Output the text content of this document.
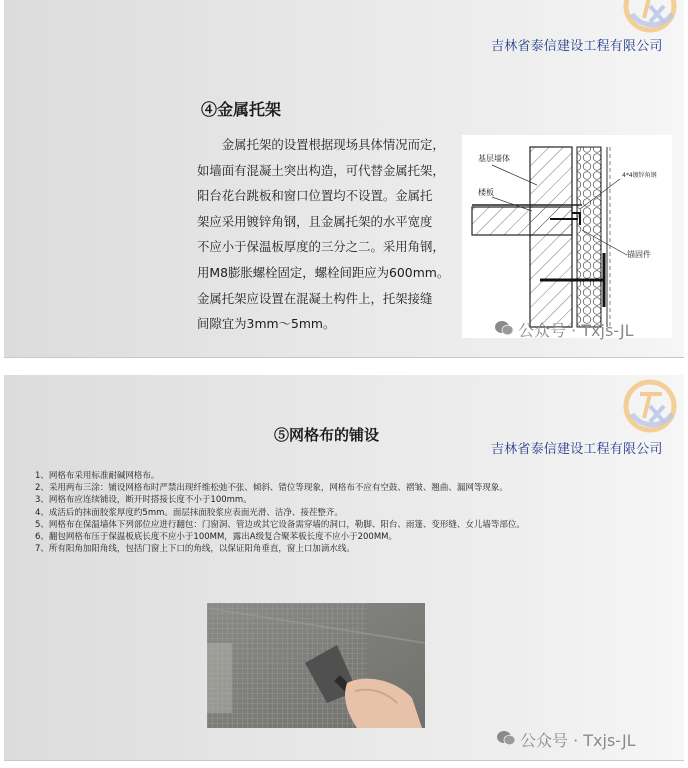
吉林省泰信建设工程有限公司
④金属托架

金属托架的设置根据现场具体情况而定，

如墙面有混凝土突出构造，可代替金属托架，

阳台花台跳板和窗口位置均不设置。金属托

架应采用镀锌角钢，且金属托架的水平宽度

不应小于保温板厚度的三分之二。采用角钢，

用M8膨胀螺栓固定，螺栓间距应为600mm。

金属托架应设置在混凝土构件上，托架接缝

间隙宜为3mm～5mm。

基层墙体
楼板
4*4镀锌角钢
锚固件
公众号 · Txjs-JL
⑤网格布的铺设
吉林省泰信建设工程有限公司
1、网格布采用标准耐碱网格布。
2、采用两布三涂：铺设网格布时严禁出现纤维松弛不张、倾斜、错位等现象，网格布不应有空鼓、褶皱、翘曲、漏网等现象。
3、网格布应连续铺设，断开时搭接长度不小于100mm。
4、成活后的抹面胶浆厚度约5mm。面层抹面胶浆应表面光滑、洁净、接茬整齐。
5、网格布在保温墙体下列部位应进行翻包：门窗洞、管边或其它设备需穿墙的洞口，勒脚、阳台、雨篷、变形缝、女儿墙等部位。
6、翻包网格布压于保温板底长度不应小于100MM，露出A级复合聚苯板长度不应小于200MM。
7、所有阳角加阳角线，包括门窗上下口的角线，以保证阳角垂直，窗上口加滴水线。
公众号 · Txjs-JL
